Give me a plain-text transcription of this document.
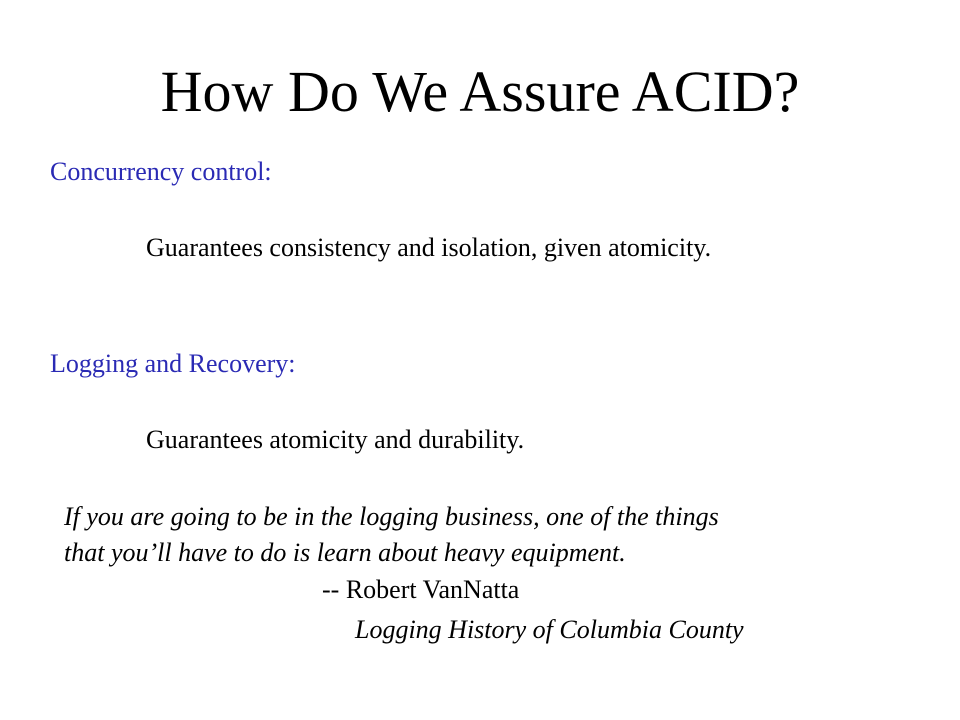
How Do We Assure ACID?
Concurrency control:
Guarantees consistency and isolation, given atomicity.
Logging and Recovery:
Guarantees atomicity and durability.
If you are going to be in the logging business, one of the things
that you’ll have to do is learn about heavy equipment.
-- Robert VanNatta
Logging History of Columbia County
